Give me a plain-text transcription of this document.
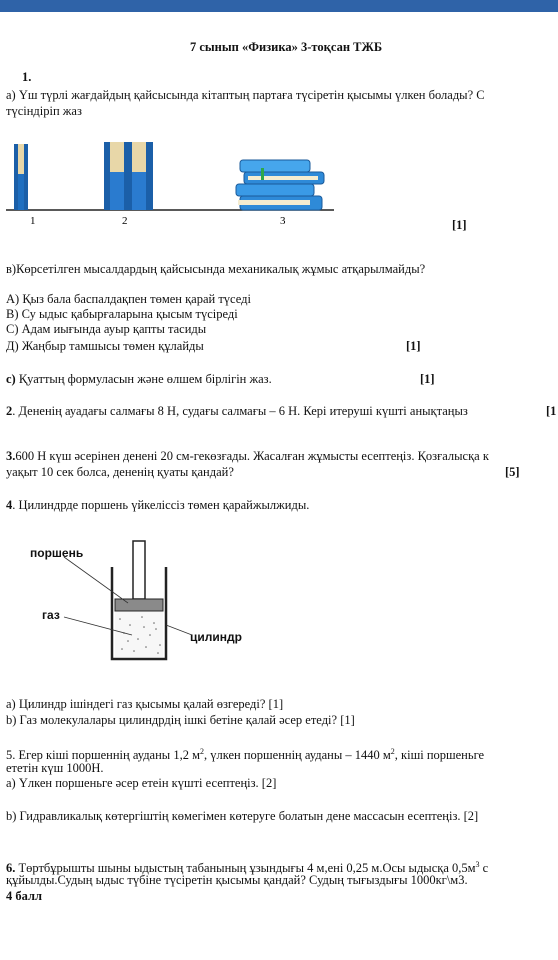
7 сынып «Физика» 3-тоқсан ТЖБ
1.
а) Үш түрлі жағдайдың қайсысында кітаптың партаға түсіретін қысымы үлкен болады? С
түсіндіріп жаз
1	2	3	[1]
в)Көрсетілген мысалдардың қайсысында механикалық жұмыс атқарылмайды?
А) Қыз бала баспалдақпен төмен қарай түседі
В) Су ыдыс қабырғаларына қысым түсіреді
С) Адам иығында ауыр қапты тасиды
Д) Жаңбыр тамшысы төмен құлайды	[1]
c) Қуаттың формуласын және өлшем бірлігін жаз.	[1]
2. Дененің ауадағы салмағы 8 Н, судағы салмағы – 6 Н. Кері итеруші күшті анықтаңыз	[1
3.600 Н күш әсерінен денені 20 см-гекөзғады. Жасалған жұмысты есептеңіз. Қозғалысқа к
уақыт 10 сек болса, дененің қуаты қандай?	[5]
4. Цилиндрде поршень үйкеліссіз төмен қарайжылжиды.
поршень
газ
цилиндр
а) Цилиндр ішіндегі газ қысымы қалай өзгереді? [1]
b) Газ молекулалары цилиндрдің ішкі бетіне қалай әсер етеді? [1]
5. Егер кіші поршеннің ауданы 1,2 $м^2$, үлкен поршеннің ауданы – 1440 $м^2$, кіші поршеньге
ететін күш 1000Н.
а) Үлкен поршеньге әсер етеін күшті есептеңіз. [2]
b) Гидравликалық көтергіштің көмегімен көтеруге болатын дене массасын есептеңіз. [2]
6. Төртбұрышты шыны ыдыстың табанының ұзындығы 4 м,ені 0,25 м.Осы ыдысқа $0,5м^3$ с
құйылды.Судың ыдыс түбіне түсіретін қысымы қандай? Судың тығыздығы 1000кг\м3.
4 балл
